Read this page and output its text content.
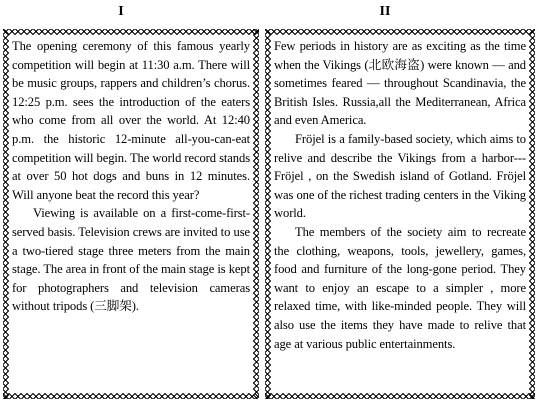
I	II

The opening ceremony of this famous yearly competition will begin at 11:30 a.m. There will be music groups, rappers and children’s chorus. 12:25 p.m. sees the introduction of the eaters who come from all over the world. At 12:40 p.m. the historic 12-minute all-you-can-eat competition will begin. The world record stands at over 50 hot dogs and buns in 12 minutes. Will anyone beat the record this year?

Viewing is available on a first-come-first- served basis. Television crews are invited to use a two-tiered stage three meters from the main stage. The area in front of the main stage is kept for photographers and television cameras without tripods (三脚架).

Few periods in history are as exciting as the time when the Vikings (北欧海盗) were known — and sometimes feared — throughout Scandinavia, the British Isles. Russia,all the Mediterranean, Africa and even America.

Fröjel is a family-based society, which aims to relive and describe the Vikings from a harbor---Fröjel , on the Swedish island of Gotland. Fröjel was one of the richest trading centers in the Viking world.

The members of the society aim to recreate the clothing, weapons, tools, jewellery, games, food and furniture of the long-gone period. They want to enjoy an escape to a simpler , more relaxed time, with like-minded people. They will also use the items they have made to relive that age at various public entertainments.
